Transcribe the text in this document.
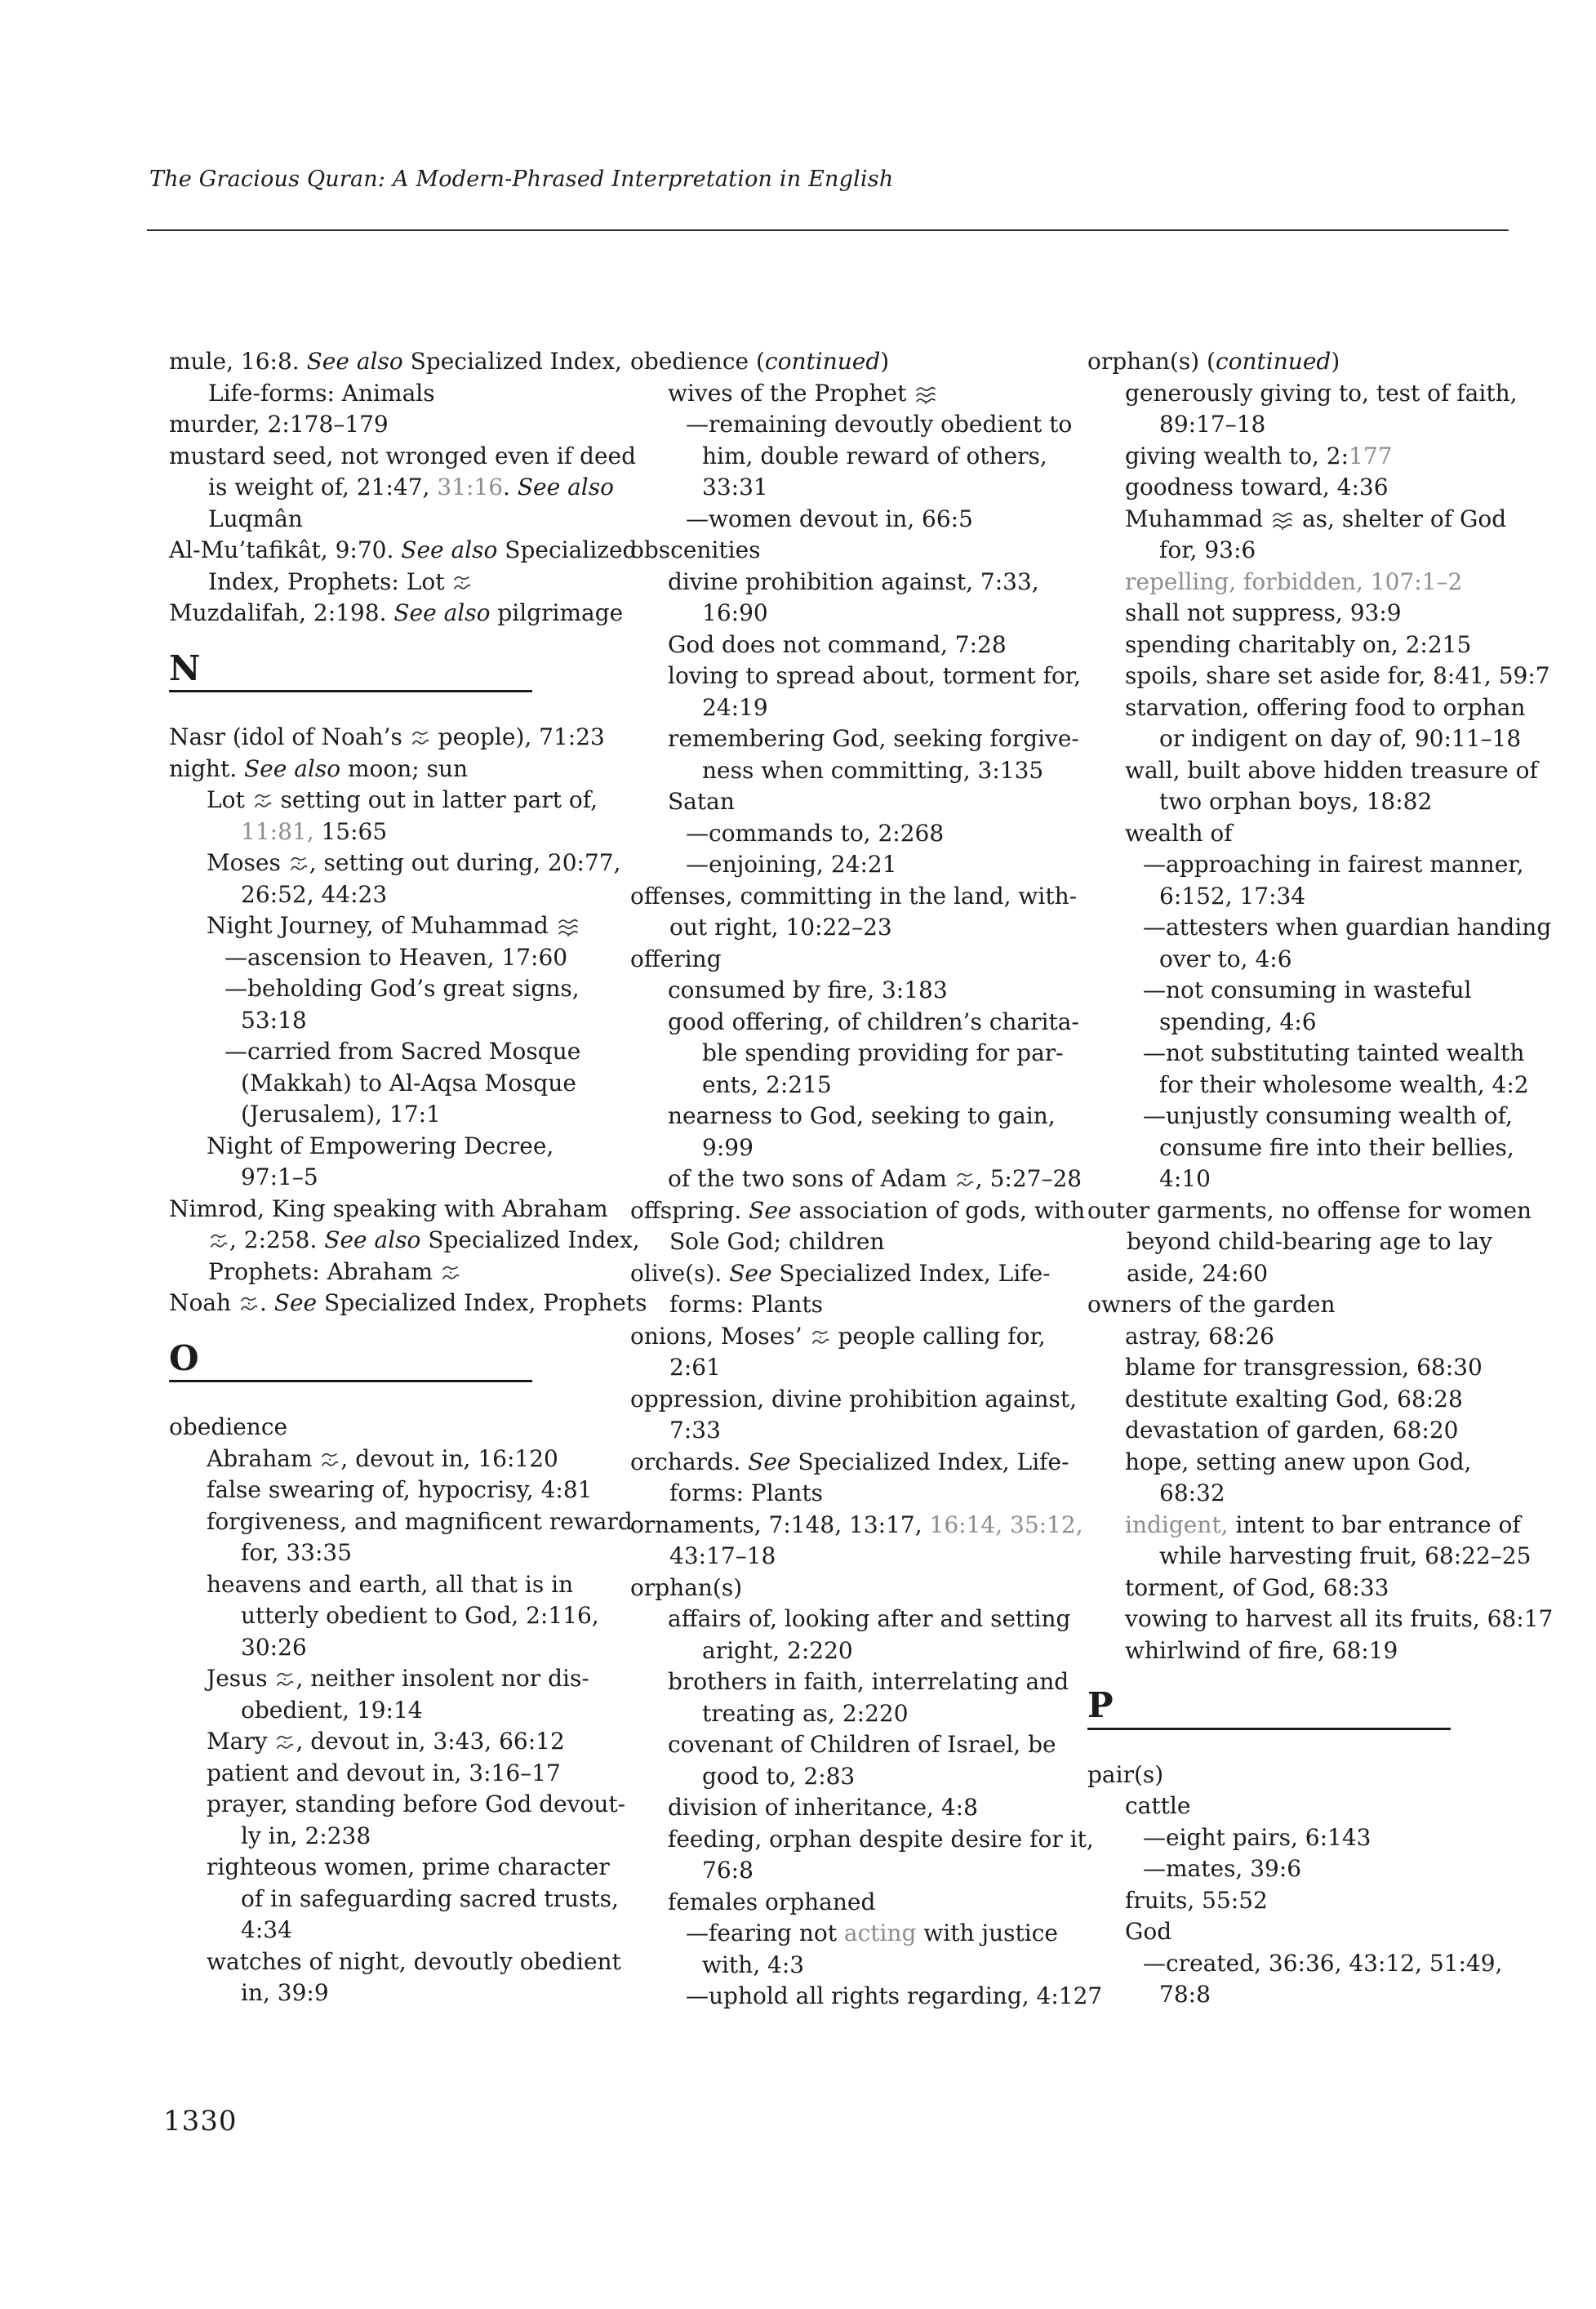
The Gracious Quran: A Modern-Phrased Interpretation in English
mule, 16:8. See also Specialized Index,
Life-forms: Animals
murder, 2:178–179
mustard seed, not wronged even if deed
is weight of, 21:47, 31:16. See also
Luqmân
Al-Mu’tafikât, 9:70. See also Specialized
Index, Prophets: Lot
Muzdalifah, 2:198. See also pilgrimage
N
Nasr (idol of Noah’s  people), 71:23
night. See also moon; sun
Lot  setting out in latter part of,
11:81, 15:65
Moses , setting out during, 20:77,
26:52, 44:23
Night Journey, of Muhammad
—ascension to Heaven, 17:60
—beholding God’s great signs,
53:18
—carried from Sacred Mosque
(Makkah) to Al-Aqsa Mosque
(Jerusalem), 17:1
Night of Empowering Decree,
97:1–5
Nimrod, King speaking with Abraham
, 2:258. See also Specialized Index,
Prophets: Abraham
Noah . See Specialized Index, Prophets
O
obedience
Abraham , devout in, 16:120
false swearing of, hypocrisy, 4:81
forgiveness, and magnificent reward
for, 33:35
heavens and earth, all that is in
utterly obedient to God, 2:116,
30:26
Jesus , neither insolent nor dis-
obedient, 19:14
Mary , devout in, 3:43, 66:12
patient and devout in, 3:16–17
prayer, standing before God devout-
ly in, 2:238
righteous women, prime character
of in safeguarding sacred trusts,
4:34
watches of night, devoutly obedient
in, 39:9
obedience (continued)
wives of the Prophet
—remaining devoutly obedient to
him, double reward of others,
33:31
—women devout in, 66:5
obscenities
divine prohibition against, 7:33,
16:90
God does not command, 7:28
loving to spread about, torment for,
24:19
remembering God, seeking forgive-
ness when committing, 3:135
Satan
—commands to, 2:268
—enjoining, 24:21
offenses, committing in the land, with-
out right, 10:22–23
offering
consumed by fire, 3:183
good offering, of children’s charita-
ble spending providing for par-
ents, 2:215
nearness to God, seeking to gain,
9:99
of the two sons of Adam , 5:27–28
offspring. See association of gods, with
Sole God; children
olive(s). See Specialized Index, Life-
forms: Plants
onions, Moses’  people calling for,
2:61
oppression, divine prohibition against,
7:33
orchards. See Specialized Index, Life-
forms: Plants
ornaments, 7:148, 13:17, 16:14, 35:12,
43:17–18
orphan(s)
affairs of, looking after and setting
aright, 2:220
brothers in faith, interrelating and
treating as, 2:220
covenant of Children of Israel, be
good to, 2:83
division of inheritance, 4:8
feeding, orphan despite desire for it,
76:8
females orphaned
—fearing not acting with justice
with, 4:3
—uphold all rights regarding, 4:127
orphan(s) (continued)
generously giving to, test of faith,
89:17–18
giving wealth to, 2:177
goodness toward, 4:36
Muhammad  as, shelter of God
for, 93:6
repelling, forbidden, 107:1–2
shall not suppress, 93:9
spending charitably on, 2:215
spoils, share set aside for, 8:41, 59:7
starvation, offering food to orphan
or indigent on day of, 90:11–18
wall, built above hidden treasure of
two orphan boys, 18:82
wealth of
—approaching in fairest manner,
6:152, 17:34
—attesters when guardian handing
over to, 4:6
—not consuming in wasteful
spending, 4:6
—not substituting tainted wealth
for their wholesome wealth, 4:2
—unjustly consuming wealth of,
consume fire into their bellies,
4:10
outer garments, no offense for women
beyond child-bearing age to lay
aside, 24:60
owners of the garden
astray, 68:26
blame for transgression, 68:30
destitute exalting God, 68:28
devastation of garden, 68:20
hope, setting anew upon God,
68:32
indigent, intent to bar entrance of
while harvesting fruit, 68:22–25
torment, of God, 68:33
vowing to harvest all its fruits, 68:17
whirlwind of fire, 68:19
P
pair(s)
cattle
—eight pairs, 6:143
—mates, 39:6
fruits, 55:52
God
—created, 36:36, 43:12, 51:49,
78:8
1330
